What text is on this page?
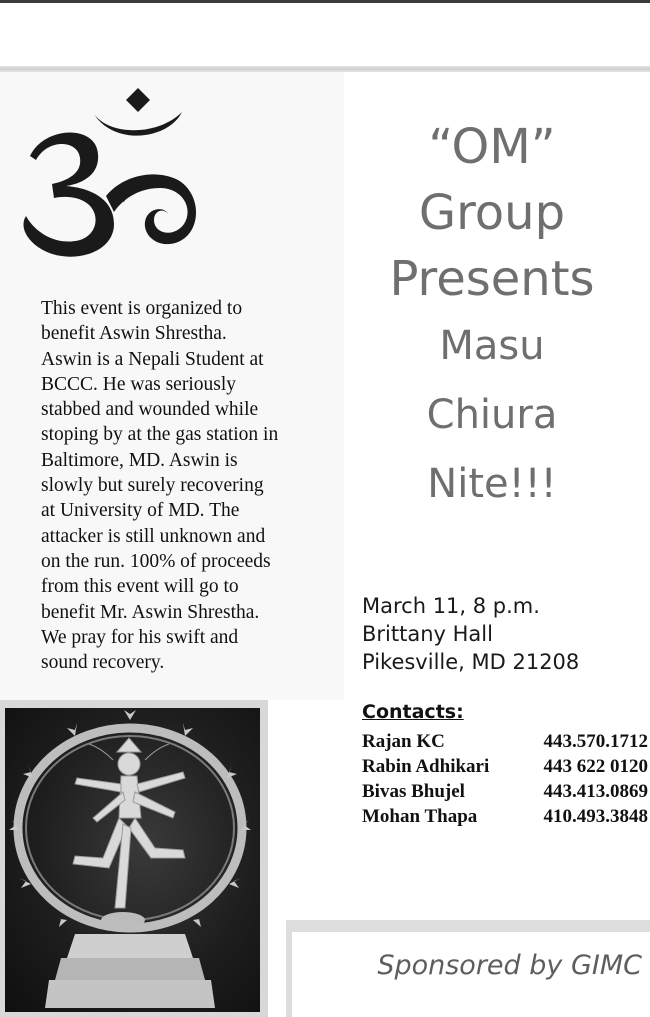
This event is organized to
benefit Aswin Shrestha.
Aswin is a Nepali Student at
BCCC. He was seriously
stabbed and wounded while
stoping by at the gas station in
Baltimore, MD. Aswin is
slowly but surely recovering
at University of MD. The
attacker is still unknown and
on the run. 100% of proceeds
from this event will go to
benefit Mr. Aswin Shrestha.
We pray for his swift and
sound recovery.

“OM”
Group
Presents
Masu
Chiura
Nite!!!
March 11, 8 p.m.
Brittany Hall
Pikesville, MD 21208
Contacts:
Rajan KC	443.570.1712
Rabin Adhikari	443 622 0120
Bivas Bhujel	443.413.0869
Mohan Thapa	410.493.3848
Sponsored by GIMC
